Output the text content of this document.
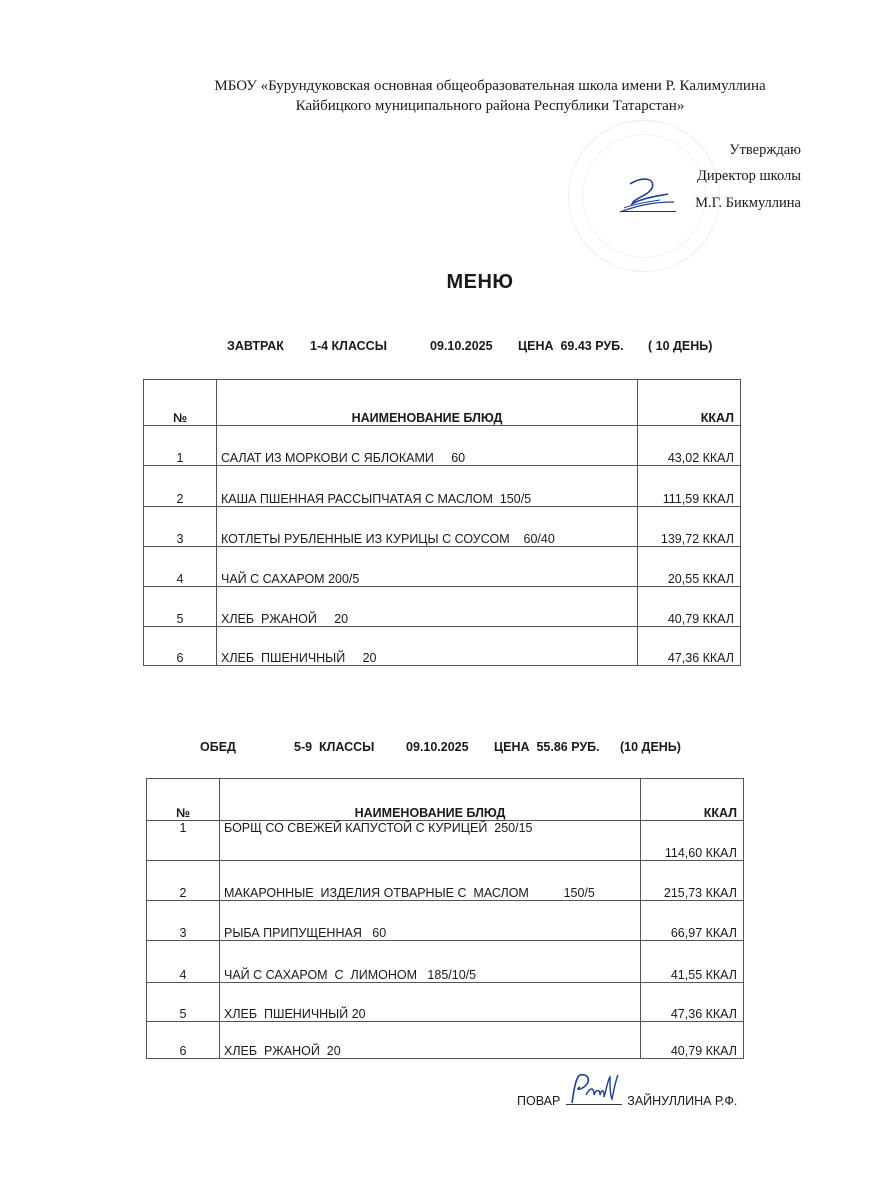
МБОУ «Бурундуковская основная общеобразовательная школа имени Р. Калимуллина
Кайбицкого муниципального района Республики Татарстан»
Утверждаю
Директор школы
М.Г. Бикмуллина
МЕНЮ
ЗАВТРАК 1-4 КЛАССЫ	09.10.2025 ЦЕНА  69.43 РУБ. ( 10 ДЕНЬ)
№	НАИМЕНОВАНИЕ БЛЮД	ККАЛ
1	САЛАТ ИЗ МОРКОВИ С ЯБЛОКАМИ     60	43,02 ККАЛ
2	КАША ПШЕННАЯ РАССЫПЧАТАЯ С МАСЛОМ  150/5	111,59 ККАЛ
3	КОТЛЕТЫ РУБЛЕННЫЕ ИЗ КУРИЦЫ С СОУСОМ    60/40	139,72 ККАЛ
4	ЧАЙ С САХАРОМ 200/5	20,55 ККАЛ
5	ХЛЕБ  РЖАНОЙ     20	40,79 ККАЛ
6	ХЛЕБ  ПШЕНИЧНЫЙ     20	47,36 ККАЛ
ОБЕД	5-9  КЛАССЫ	09.10.2025 ЦЕНА  55.86 РУБ. (10 ДЕНЬ)
№	НАИМЕНОВАНИЕ БЛЮД	ККАЛ
1	БОРЩ СО СВЕЖЕЙ КАПУСТОЙ С КУРИЦЕЙ  250/15	114,60 ККАЛ
2	МАКАРОННЫЕ  ИЗДЕЛИЯ ОТВАРНЫЕ С  МАСЛОМ          150/5	215,73 ККАЛ
3	РЫБА ПРИПУЩЕННАЯ   60	66,97 ККАЛ
4	ЧАЙ С САХАРОМ  С  ЛИМОНОМ   185/10/5	41,55 ККАЛ
5	ХЛЕБ  ПШЕНИЧНЫЙ 20	47,36 ККАЛ
6	ХЛЕБ  РЖАНОЙ  20	40,79 ККАЛ
ПОВАР	ЗАЙНУЛЛИНА Р.Ф.
